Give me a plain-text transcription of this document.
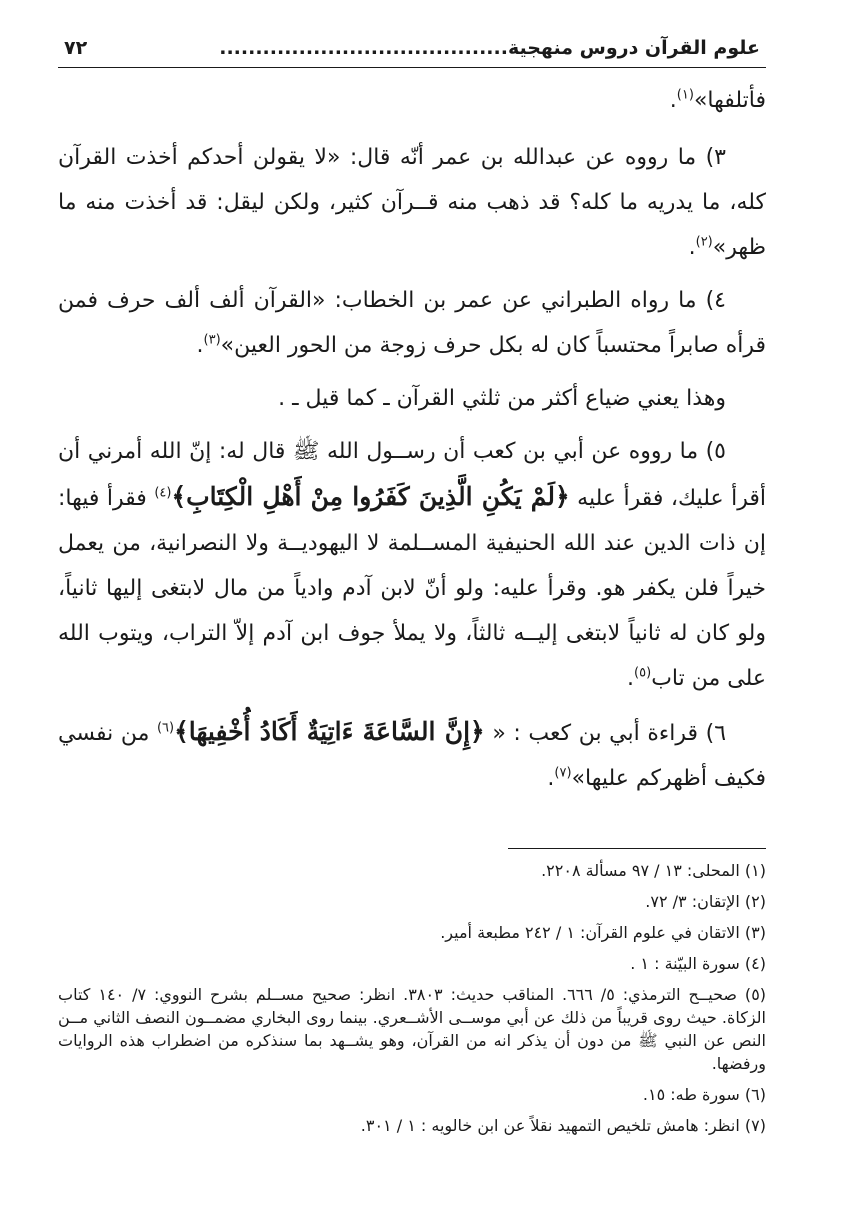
علوم القرآن دروس منهجية........................................
٧٢

فأتلفها»$^{(١)}$.

٣) ما رووه عن عبدالله بن عمر أنّه قال: «لا يقولن أحدكم أخذت القرآن كله، ما يدريه ما كله؟ قد ذهب منه قــرآن كثير، ولكن ليقل: قد أخذت منه ما ظهر»$^{(٢)}$.

٤) ما رواه الطبراني عن عمر بن الخطاب: «القرآن ألف ألف حرف فمن قرأه صابراً محتسباً كان له بكل حرف زوجة من الحور العين»$^{(٣)}$.

وهذا يعني ضياع أكثر من ثلثي القرآن ـ كما قيل ـ .

٥) ما رووه عن أبي بن كعب أن رســول الله ﷺ قال له: إنّ الله أمرني أن أقرأ عليك، فقرأ عليه ﴿لَمْ يَكُنِ الَّذِينَ كَفَرُوا مِنْ أَهْلِ الْكِتَابِ﴾$^{(٤)}$ فقرأ فيها: إن ذات الدين عند الله الحنيفية المســلمة لا اليهوديــة ولا النصرانية، من يعمل خيراً فلن يكفر هو. وقرأ عليه: ولو أنّ لابن آدم وادياً من مال لابتغى إليها ثانياً، ولو كان له ثانياً لابتغى إليــه ثالثاً، ولا يملأ جوف ابن آدم إلاّ التراب، ويتوب الله على من تاب$^{(٥)}$.

٦) قراءة أبي بن كعب : « ﴿إِنَّ السَّاعَةَ ءَاتِيَةٌ أَكَادُ أُخْفِيهَا﴾$^{(٦)}$ من نفسي فكيف أظهركم عليها»$^{(٧)}$.

(١) المحلى: ١٣ / ٩٧ مسألة ٢٢٠٨.

(٢) الإتقان: ٣/ ٧٢.

(٣) الاتقان في علوم القرآن: ١ / ٢٤٢ مطبعة أمير.

(٤) سورة البيّنة : ١ .

(٥) صحيــح الترمذي: ٥/ ٦٦٦. المناقب حديث: ٣٨٠٣. انظر: صحيح مســلم بشرح النووي: ٧/ ١٤٠ كتاب الزكاة. حيث روى قريباً من ذلك عن أبي موســى الأشــعري. بينما روى البخاري مضمــون النصف الثاني مــن النص عن النبي ﷺ من دون أن يذكر انه من القرآن، وهو يشــهد بما سنذكره من اضطراب هذه الروايات ورفضها.

(٦) سورة طه: ١٥.

(٧) انظر: هامش تلخيص التمهيد نقلاً عن ابن خالويه : ١ / ٣٠١.
